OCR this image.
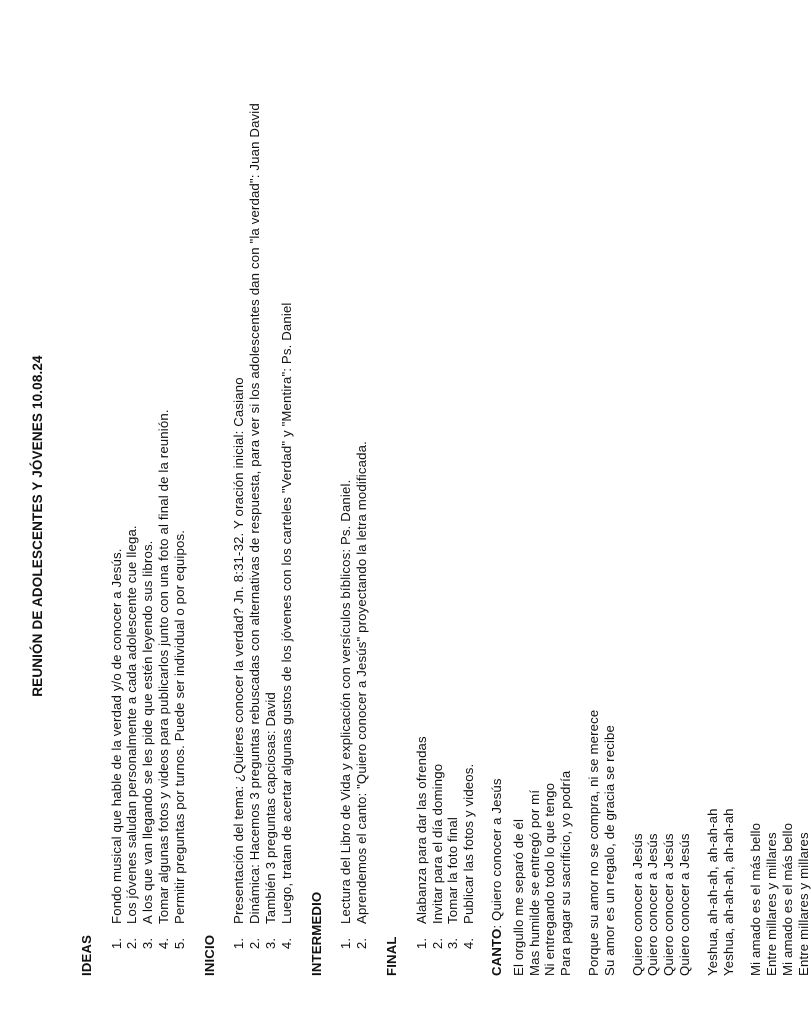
REUNIÓN DE ADOLESCENTES Y JÓVENES 10.08.24
IDEAS
1. Fondo musical que hable de la verdad y/o de conocer a Jesús. 2. Los jóvenes saludan personalmente a cada adolescente cue llega. 3. A los que van llegando se les pide que estén leyendo sus libros. 4. Tomar algunas fotos y videos para publicarlos junto con una foto al final de la reunión. 5. Permitir preguntas por turnos. Puede ser individual o por equipos.
INICIO
1. Presentación del tema: ¿Quieres conocer la verdad? Jn. 8:31-32. Y oración inicial: Casiano 2. Dinámica: Hacemos 3 preguntas rebuscadas con alternativas de respuesta, para ver si los adolescentes dan con "la verdad": Juan David 3. También 3 preguntas capciosas: David 4. Luego, tratan de acertar algunas gustos de los jóvenes con los carteles "Verdad" y "Mentira": Ps. Daniel
INTERMEDIO
1. Lectura del Libro de Vida y explicación con versículos bíblicos: Ps. Daniel. 2. Aprendemos el canto: "Quiero conocer a Jesús" proyectando la letra modificada.
FINAL
1. Alabanza para dar las ofrendas 2. Invitar para el día domingo 3. Tomar la foto final 4. Publicar las fotos y videos.
CANTO: Quiero conocer a Jesús El orgullo me separó de él Mas humilde se entregó por mí Ni entregando todo lo que tengo Para pagar su sacrificio, yo podría Porque su amor no se compra, ni se merece Su amor es un regalo, de gracia se recibe Quiero conocer a Jesús Quiero conocer a Jesús Quiero conocer a Jesús Quiero conocer a Jesús Yeshua, ah-ah-ah, ah-ah-ah Yeshua, ah-ah-ah, ah-ah-ah Mi amado es el más bello Entre millares y millares Mi amado es el más bello Entre millares y millares
